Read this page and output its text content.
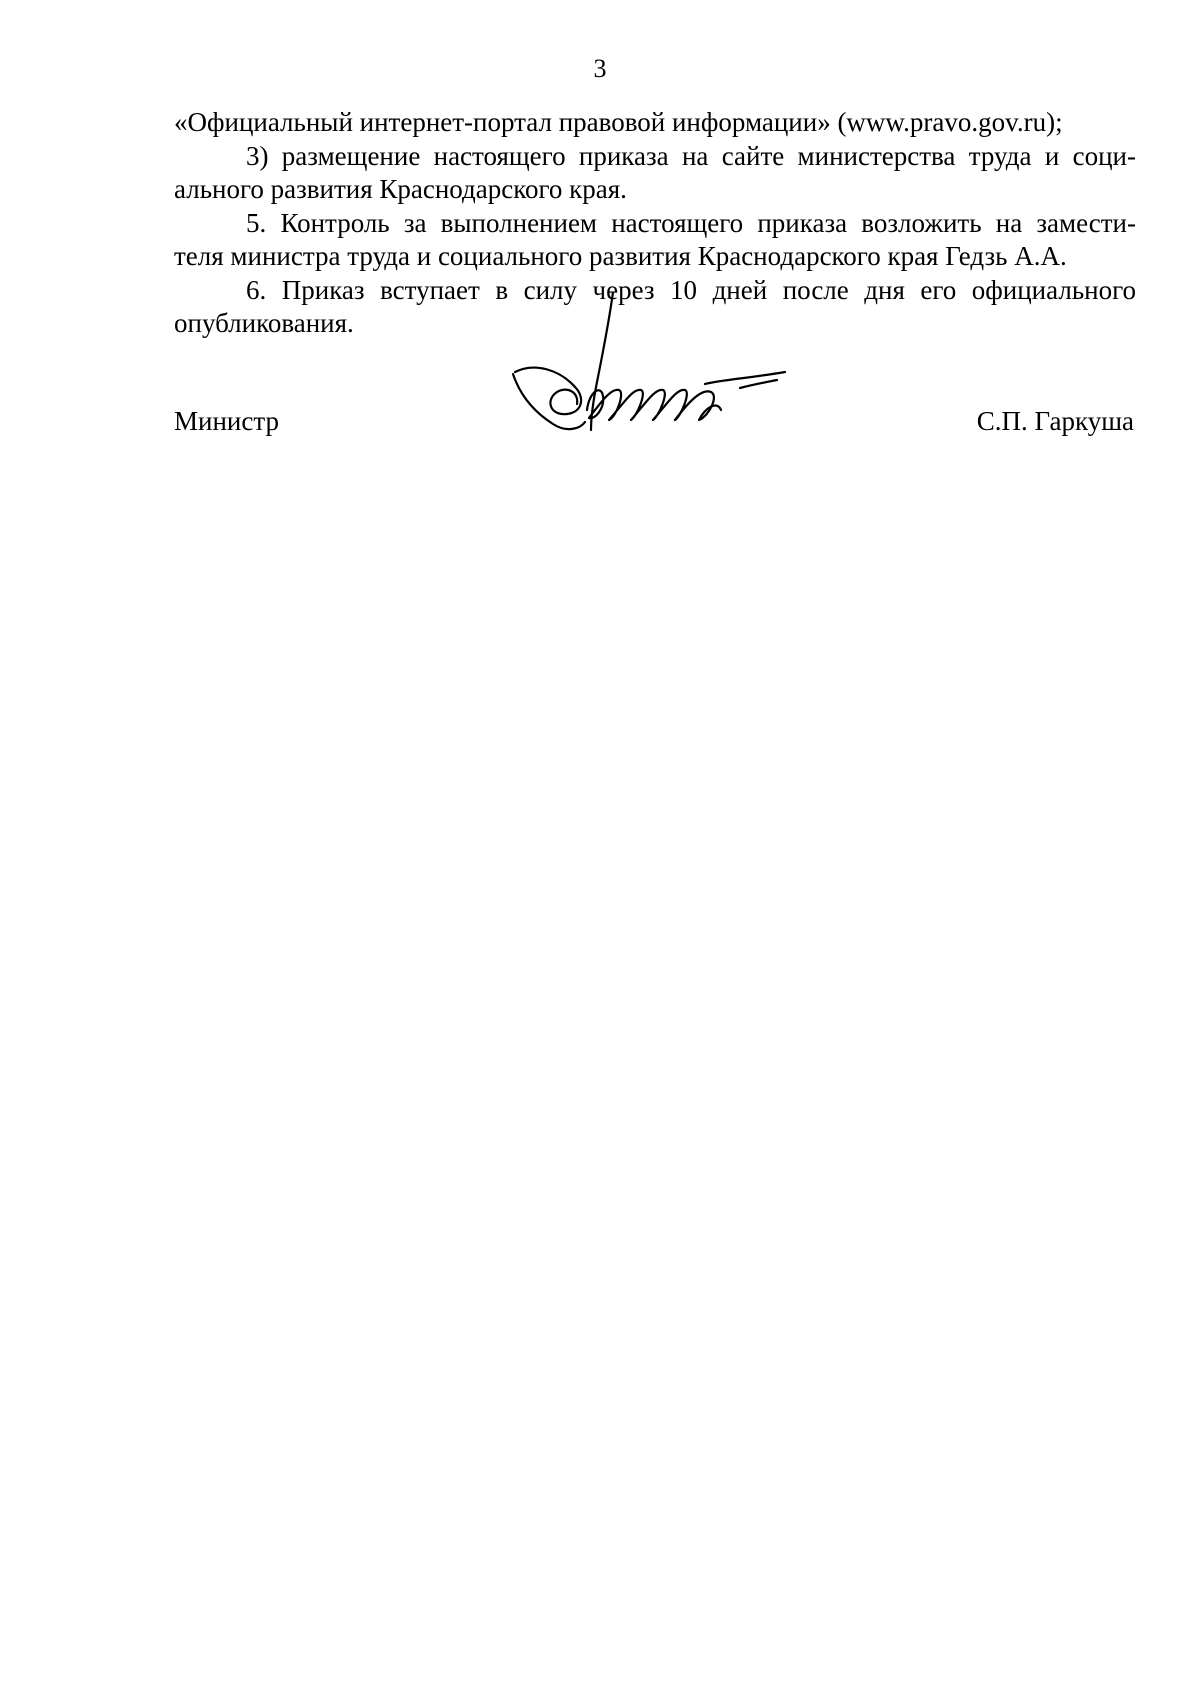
3
«Официальный интернет-портал правовой информации» (www.pravo.gov.ru);
3) размещение настоящего приказа на сайте министерства труда и соци-
ального развития Краснодарского края.
5. Контроль за выполнением настоящего приказа возложить на замести-
теля министра труда и социального развития Краснодарского края Гедзь А.А.
6. Приказ вступает в силу через 10 дней после дня его официального
опубликования.
Министр	С.П. Гаркуша
